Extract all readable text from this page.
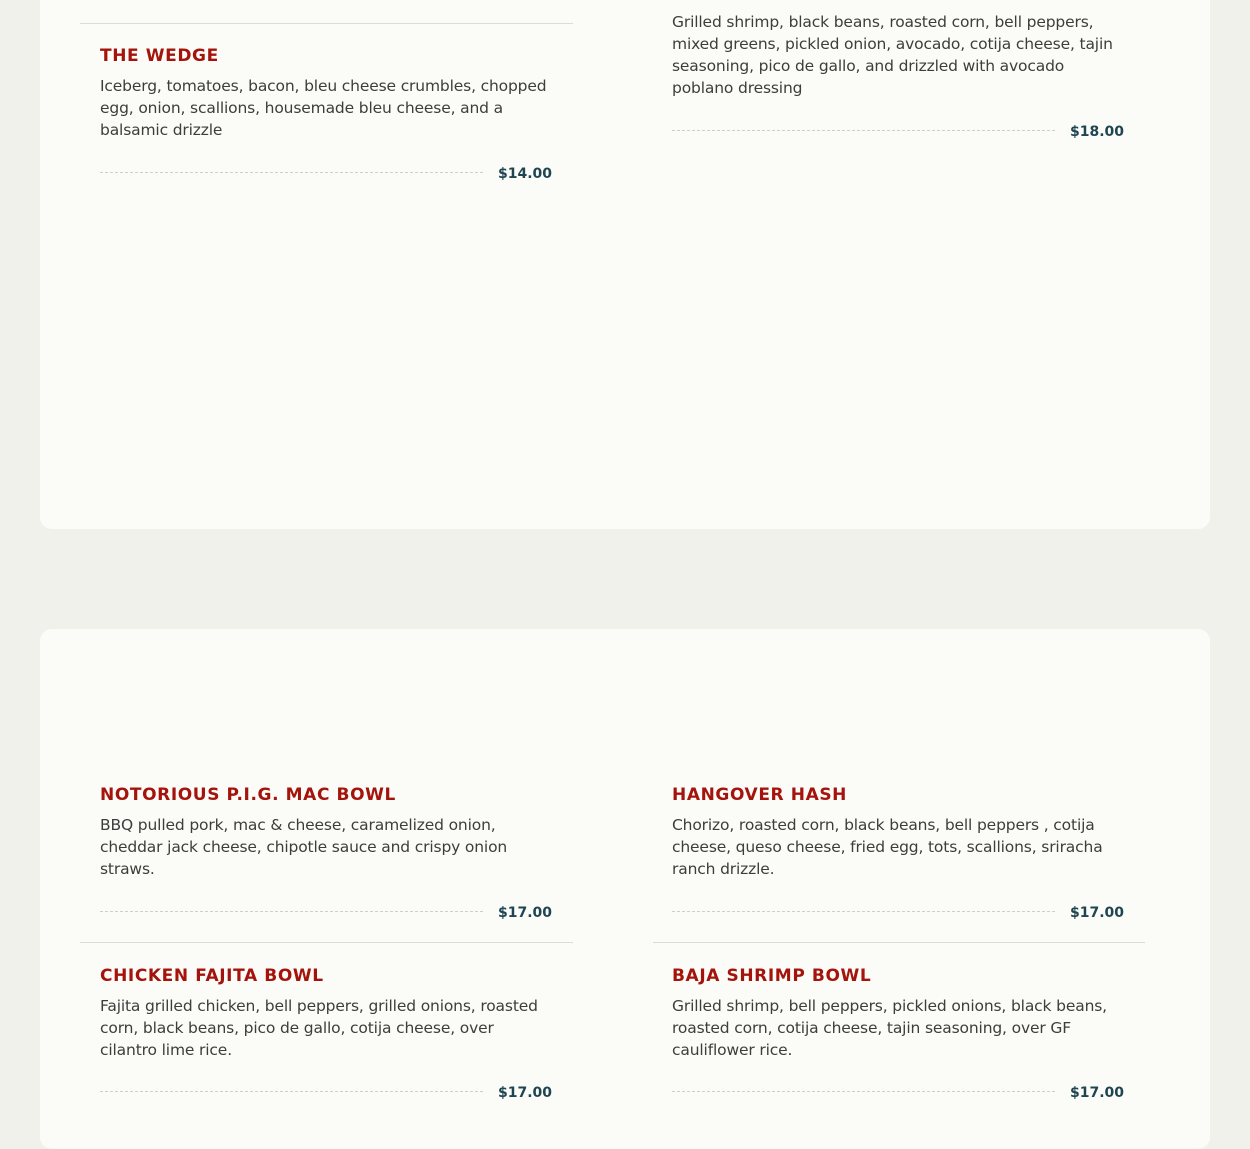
THE WEDGE
Iceberg, tomatoes, bacon, bleu cheese crumbles, chopped egg, onion, scallions, housemade bleu cheese, and a balsamic drizzle
$14.00
Grilled shrimp, black beans, roasted corn, bell peppers, mixed greens, pickled onion, avocado, cotija cheese, tajin seasoning, pico de gallo, and drizzled with avocado poblano dressing
$18.00
NOTORIOUS P.I.G. MAC BOWL
BBQ pulled pork, mac & cheese, caramelized onion, cheddar jack cheese, chipotle sauce and crispy onion straws.
$17.00
HANGOVER HASH
Chorizo, roasted corn, black beans, bell peppers , cotija cheese, queso cheese, fried egg, tots, scallions, sriracha ranch drizzle.
$17.00
CHICKEN FAJITA BOWL
Fajita grilled chicken, bell peppers, grilled onions, roasted corn, black beans, pico de gallo, cotija cheese, over cilantro lime rice.
$17.00
BAJA SHRIMP BOWL
Grilled shrimp, bell peppers, pickled onions, black beans, roasted corn, cotija cheese, tajin seasoning, over GF cauliflower rice.
$17.00
